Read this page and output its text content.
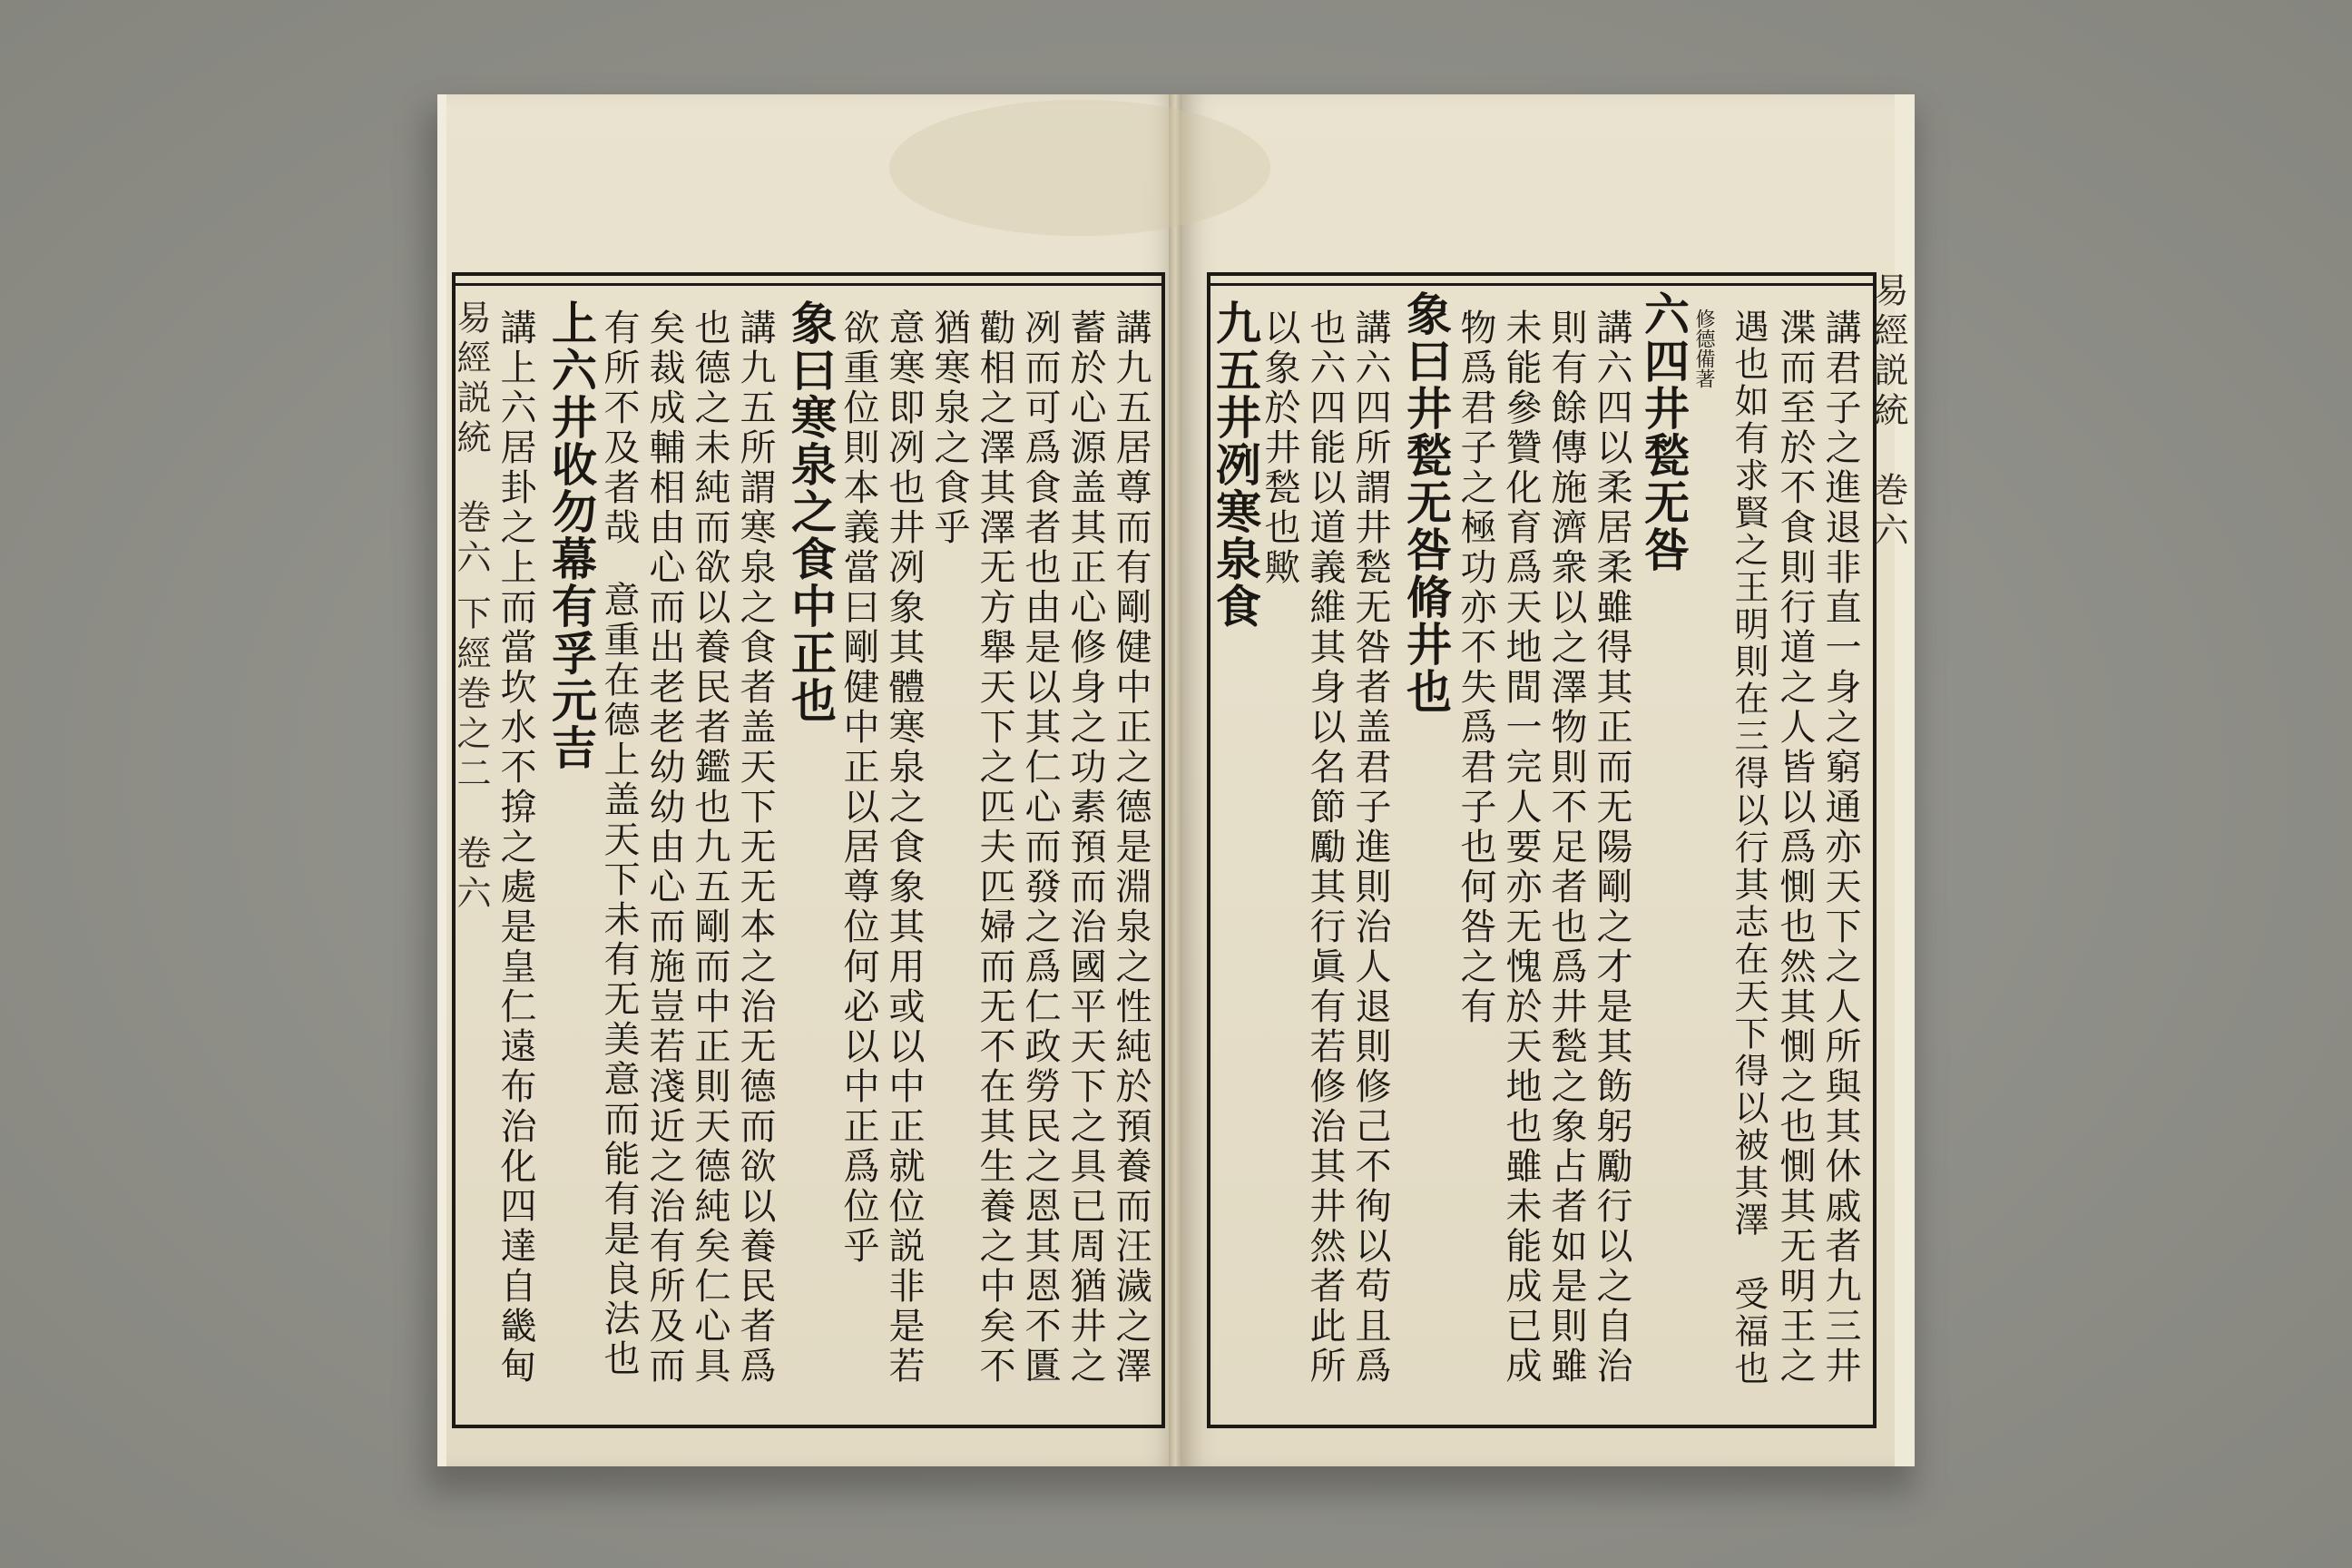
易經説統　巻六 下經巻之二　卷六	講九五居尊而有剛健中正之德是淵泉之性純於預養而汪濊之澤
蓄於心源盖其正心修身之功素預而治國平天下之具已周猶井之
冽而可爲食者也由是以其仁心而發之爲仁政勞民之恩其恩不匱
勸相之澤其澤无方舉天下之匹夫匹婦而无不在其生養之中矣不
猶寒泉之食乎
意寒即冽也井冽象其體寒泉之食象其用或以中正就位説非是若
欲重位則本義當曰剛健中正以居尊位何必以中正爲位乎
象曰寒泉之食中正也
講九五所謂寒泉之食者盖天下无无本之治无德而欲以養民者爲
也德之未純而欲以養民者鑑也九五剛而中正則天德純矣仁心具
矣裁成輔相由心而出老老幼幼由心而施豈若淺近之治有所及而
有所不及者哉
意重在德上盖天下未有无美意而能有是良法也
上六井收勿幕有孚元吉
講上六居卦之上而當坎水不揜之處是皇仁遠布治化四達自畿甸	易經説統　巻六
講君子之進退非直一身之窮通亦天下之人所與其休戚者九三井
渫而至於不食則行道之人皆以爲惻也然其惻之也惻其无明王之
遇也如有求賢之王明則在三得以行其志在天下得以被其澤　受福也
修德備著
六四井甃无咎
講六四以柔居柔雖得其正而无陽剛之才是其飭躬勵行以之自治
則有餘傳施濟衆以之澤物則不足者也爲井甃之象占者如是則雖
未能參贊化育爲天地間一完人要亦无愧於天地也雖未能成已成
物爲君子之極功亦不失爲君子也何咎之有
象曰井甃无咎脩井也
講六四所謂井甃无咎者盖君子進則治人退則修己不徇以苟且爲
也六四能以道義維其身以名節勵其行眞有若修治其井然者此所
以象於井甃也歟
九五井冽寒泉食
